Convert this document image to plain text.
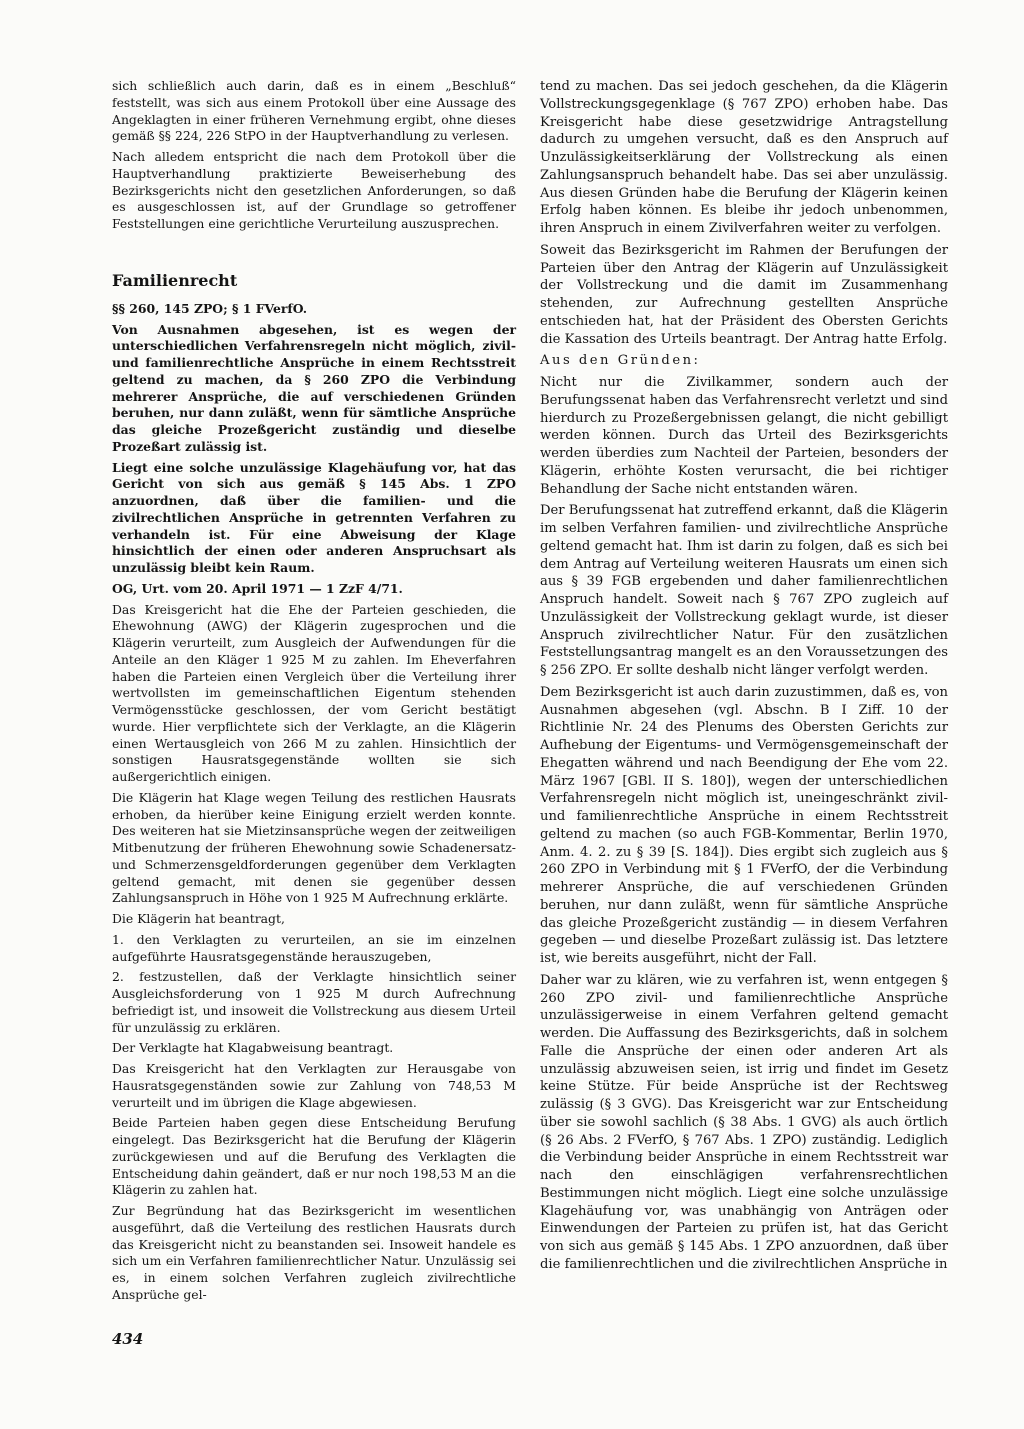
sich schließlich auch darin, daß es in einem „Beschluß“ feststellt, was sich aus einem Protokoll über eine Aussage des Angeklagten in einer früheren Vernehmung ergibt, ohne dieses gemäß §§ 224, 226 StPO in der Hauptverhandlung zu verlesen.

Nach alledem entspricht die nach dem Protokoll über die Hauptverhandlung praktizierte Beweiserhebung des Bezirksgerichts nicht den gesetzlichen Anforderungen, so daß es ausgeschlossen ist, auf der Grundlage so getroffener Feststellungen eine gerichtliche Verurteilung auszusprechen.

Familienrecht

§§ 260, 145 ZPO; § 1 FVerfO.

Von Ausnahmen abgesehen, ist es wegen der unterschiedlichen Verfahrensregeln nicht möglich, zivil- und familienrechtliche Ansprüche in einem Rechtsstreit geltend zu machen, da § 260 ZPO die Verbindung mehrerer Ansprüche, die auf verschiedenen Gründen beruhen, nur dann zuläßt, wenn für sämtliche Ansprüche das gleiche Prozeßgericht zuständig und dieselbe Prozeßart zulässig ist.

Liegt eine solche unzulässige Klagehäufung vor, hat das Gericht von sich aus gemäß § 145 Abs. 1 ZPO anzuordnen, daß über die familien- und die zivilrechtlichen Ansprüche in getrennten Verfahren zu verhandeln ist. Für eine Abweisung der Klage hinsichtlich der einen oder anderen Anspruchsart als unzulässig bleibt kein Raum.

OG, Urt. vom 20. April 1971 — 1 ZzF 4/71.

Das Kreisgericht hat die Ehe der Parteien geschieden, die Ehewohnung (AWG) der Klägerin zugesprochen und die Klägerin verurteilt, zum Ausgleich der Aufwendungen für die Anteile an den Kläger 1 925 M zu zahlen. Im Eheverfahren haben die Parteien einen Vergleich über die Verteilung ihrer wertvollsten im gemeinschaftlichen Eigentum stehenden Vermögensstücke geschlossen, der vom Gericht bestätigt wurde. Hier verpflichtete sich der Verklagte, an die Klägerin einen Wertausgleich von 266 M zu zahlen. Hinsichtlich der sonstigen Hausratsgegenstände wollten sie sich außergerichtlich einigen.

Die Klägerin hat Klage wegen Teilung des restlichen Hausrats erhoben, da hierüber keine Einigung erzielt werden konnte. Des weiteren hat sie Mietzinsansprüche wegen der zeitweiligen Mitbenutzung der früheren Ehewohnung sowie Schadenersatz- und Schmerzensgeldforderungen gegenüber dem Verklagten geltend gemacht, mit denen sie gegenüber dessen Zahlungsanspruch in Höhe von 1 925 M Aufrechnung erklärte.

Die Klägerin hat beantragt,

1. den Verklagten zu verurteilen, an sie im einzelnen aufgeführte Hausratsgegenstände herauszugeben,

2. festzustellen, daß der Verklagte hinsichtlich seiner Ausgleichsforderung von 1 925 M durch Aufrechnung befriedigt ist, und insoweit die Vollstreckung aus diesem Urteil für unzulässig zu erklären.

Der Verklagte hat Klagabweisung beantragt.

Das Kreisgericht hat den Verklagten zur Herausgabe von Hausratsgegenständen sowie zur Zahlung von 748,53 M verurteilt und im übrigen die Klage abgewiesen.

Beide Parteien haben gegen diese Entscheidung Berufung eingelegt. Das Bezirksgericht hat die Berufung der Klägerin zurückgewiesen und auf die Berufung des Verklagten die Entscheidung dahin geändert, daß er nur noch 198,53 M an die Klägerin zu zahlen hat.

Zur Begründung hat das Bezirksgericht im wesentlichen ausgeführt, daß die Verteilung des restlichen Hausrats durch das Kreisgericht nicht zu beanstanden sei. Insoweit handele es sich um ein Verfahren familienrechtlicher Natur. Unzulässig sei es, in einem solchen Verfahren zugleich zivilrechtliche Ansprüche gel-

tend zu machen. Das sei jedoch geschehen, da die Klägerin Vollstreckungsgegenklage (§ 767 ZPO) erhoben habe. Das Kreisgericht habe diese gesetzwidrige Antragstellung dadurch zu umgehen versucht, daß es den Anspruch auf Unzulässigkeitserklärung der Vollstreckung als einen Zahlungsanspruch behandelt habe. Das sei aber unzulässig. Aus diesen Gründen habe die Berufung der Klägerin keinen Erfolg haben können. Es bleibe ihr jedoch unbenommen, ihren Anspruch in einem Zivilverfahren weiter zu verfolgen.

Soweit das Bezirksgericht im Rahmen der Berufungen der Parteien über den Antrag der Klägerin auf Unzulässigkeit der Vollstreckung und die damit im Zusammenhang stehenden, zur Aufrechnung gestellten Ansprüche entschieden hat, hat der Präsident des Obersten Gerichts die Kassation des Urteils beantragt. Der Antrag hatte Erfolg.

Aus den Gründen:

Nicht nur die Zivilkammer, sondern auch der Berufungssenat haben das Verfahrensrecht verletzt und sind hierdurch zu Prozeßergebnissen gelangt, die nicht gebilligt werden können. Durch das Urteil des Bezirksgerichts werden überdies zum Nachteil der Parteien, besonders der Klägerin, erhöhte Kosten verursacht, die bei richtiger Behandlung der Sache nicht entstanden wären.

Der Berufungssenat hat zutreffend erkannt, daß die Klägerin im selben Verfahren familien- und zivilrechtliche Ansprüche geltend gemacht hat. Ihm ist darin zu folgen, daß es sich bei dem Antrag auf Verteilung weiteren Hausrats um einen sich aus § 39 FGB ergebenden und daher familienrechtlichen Anspruch handelt. Soweit nach § 767 ZPO zugleich auf Unzulässigkeit der Vollstreckung geklagt wurde, ist dieser Anspruch zivilrechtlicher Natur. Für den zusätzlichen Feststellungsantrag mangelt es an den Voraussetzungen des § 256 ZPO. Er sollte deshalb nicht länger verfolgt werden.

Dem Bezirksgericht ist auch darin zuzustimmen, daß es, von Ausnahmen abgesehen (vgl. Abschn. B I Ziff. 10 der Richtlinie Nr. 24 des Plenums des Obersten Gerichts zur Aufhebung der Eigentums- und Vermögensgemeinschaft der Ehegatten während und nach Beendigung der Ehe vom 22. März 1967 [GBl. II S. 180]), wegen der unterschiedlichen Verfahrensregeln nicht möglich ist, uneingeschränkt zivil- und familienrechtliche Ansprüche in einem Rechtsstreit geltend zu machen (so auch FGB-Kommentar, Berlin 1970, Anm. 4. 2. zu § 39 [S. 184]). Dies ergibt sich zugleich aus § 260 ZPO in Verbindung mit § 1 FVerfO, der die Verbindung mehrerer Ansprüche, die auf verschiedenen Gründen beruhen, nur dann zuläßt, wenn für sämtliche Ansprüche das gleiche Prozeßgericht zuständig — in diesem Verfahren gegeben — und dieselbe Prozeßart zulässig ist. Das letztere ist, wie bereits ausgeführt, nicht der Fall.

Daher war zu klären, wie zu verfahren ist, wenn entgegen § 260 ZPO zivil- und familienrechtliche Ansprüche unzulässigerweise in einem Verfahren geltend gemacht werden. Die Auffassung des Bezirksgerichts, daß in solchem Falle die Ansprüche der einen oder anderen Art als unzulässig abzuweisen seien, ist irrig und findet im Gesetz keine Stütze. Für beide Ansprüche ist der Rechtsweg zulässig (§ 3 GVG). Das Kreisgericht war zur Entscheidung über sie sowohl sachlich (§ 38 Abs. 1 GVG) als auch örtlich (§ 26 Abs. 2 FVerfO, § 767 Abs. 1 ZPO) zuständig. Lediglich die Verbindung beider Ansprüche in einem Rechtsstreit war nach den einschlägigen verfahrensrechtlichen Bestimmungen nicht möglich. Liegt eine solche unzulässige Klagehäufung vor, was unabhängig von Anträgen oder Einwendungen der Parteien zu prüfen ist, hat das Gericht von sich aus gemäß § 145 Abs. 1 ZPO anzuordnen, daß über die familienrechtlichen und die zivilrechtlichen Ansprüche in

434
